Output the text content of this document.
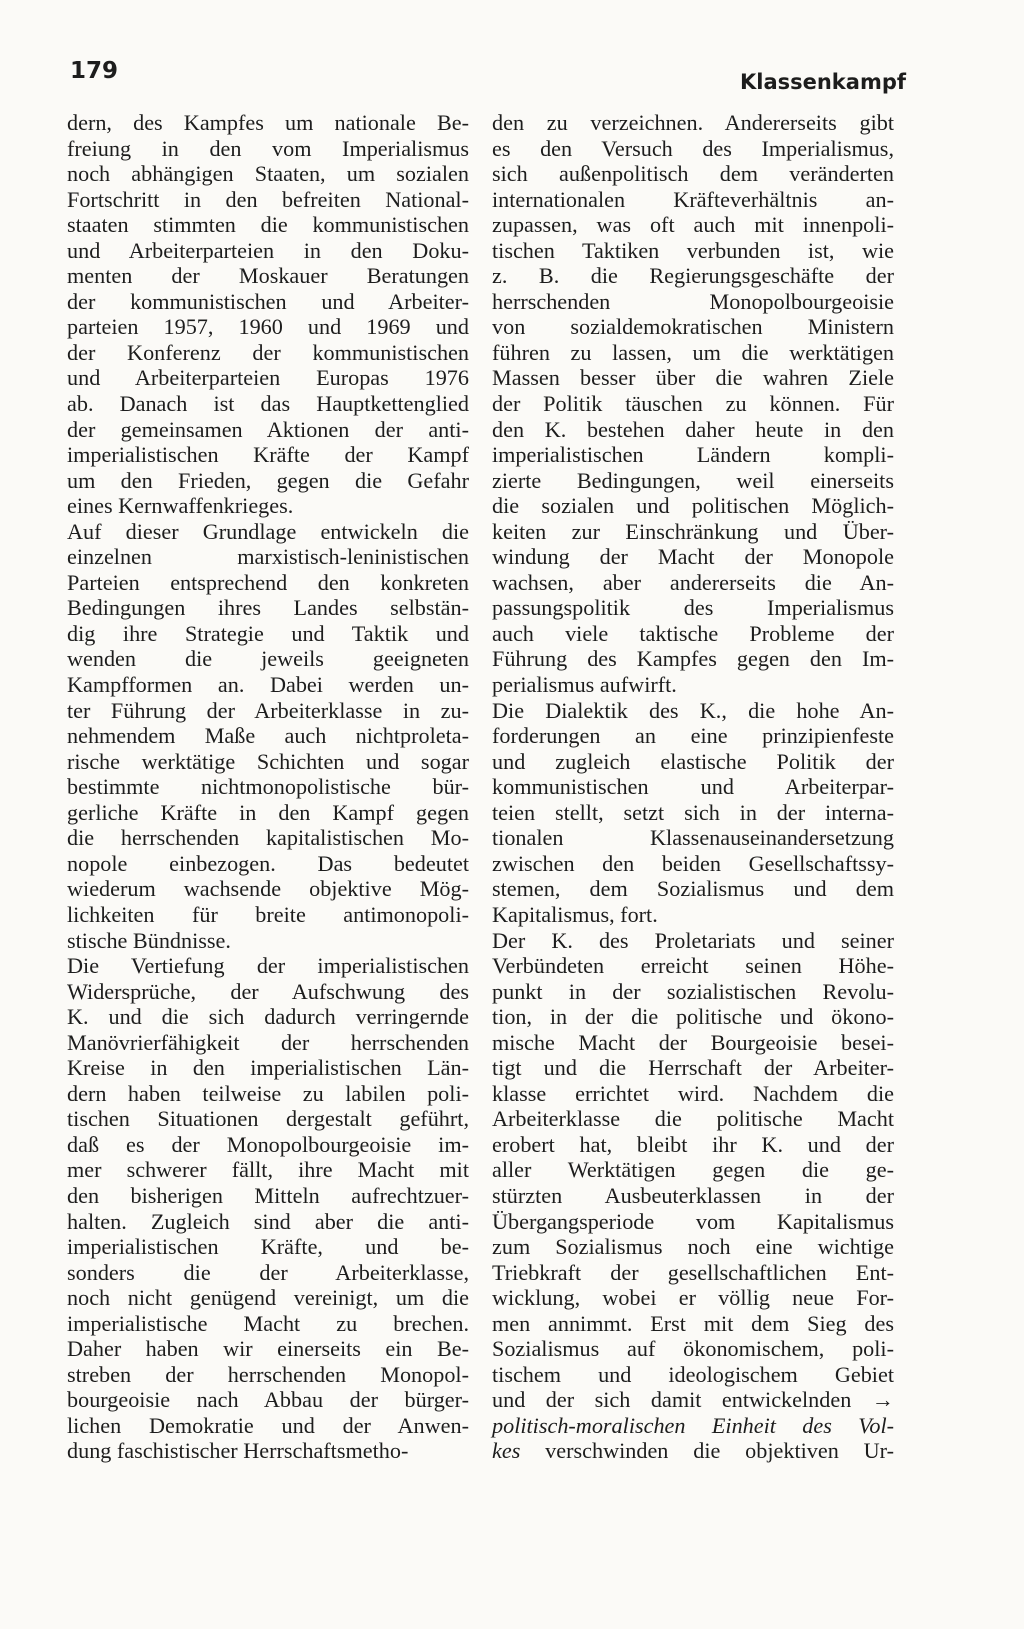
179	Klassenkampf
dern, des Kampfes um nationale Be-
freiung in den vom Imperialismus
noch abhängigen Staaten, um sozialen
Fortschritt in den befreiten National-
staaten stimmten die kommunistischen
und Arbeiterparteien in den Doku-
menten der Moskauer Beratungen
der kommunistischen und Arbeiter-
parteien 1957, 1960 und 1969 und
der Konferenz der kommunistischen
und Arbeiterparteien Europas 1976
ab. Danach ist das Hauptkettenglied
der gemeinsamen Aktionen der anti-
imperialistischen Kräfte der Kampf
um den Frieden, gegen die Gefahr
eines Kernwaffenkrieges.
Auf dieser Grundlage entwickeln die
einzelnen marxistisch-leninistischen
Parteien entsprechend den konkreten
Bedingungen ihres Landes selbstän-
dig ihre Strategie und Taktik und
wenden die jeweils geeigneten
Kampfformen an. Dabei werden un-
ter Führung der Arbeiterklasse in zu-
nehmendem Maße auch nichtproleta-
rische werktätige Schichten und sogar
bestimmte nichtmonopolistische bür-
gerliche Kräfte in den Kampf gegen
die herrschenden kapitalistischen Mo-
nopole einbezogen. Das bedeutet
wiederum wachsende objektive Mög-
lichkeiten für breite antimonopoli-
stische Bündnisse.
Die Vertiefung der imperialistischen
Widersprüche, der Aufschwung des
K. und die sich dadurch verringernde
Manövrierfähigkeit der herrschenden
Kreise in den imperialistischen Län-
dern haben teilweise zu labilen poli-
tischen Situationen dergestalt geführt,
daß es der Monopolbourgeoisie im-
mer schwerer fällt, ihre Macht mit
den bisherigen Mitteln aufrechtzuer-
halten. Zugleich sind aber die anti-
imperialistischen Kräfte, und be-
sonders die der Arbeiterklasse,
noch nicht genügend vereinigt, um die
imperialistische Macht zu brechen.
Daher haben wir einerseits ein Be-
streben der herrschenden Monopol-
bourgeoisie nach Abbau der bürger-
lichen Demokratie und der Anwen-
dung faschistischer Herrschaftsmetho-
den zu verzeichnen. Andererseits gibt
es den Versuch des Imperialismus,
sich außenpolitisch dem veränderten
internationalen Kräfteverhältnis an-
zupassen, was oft auch mit innenpoli-
tischen Taktiken verbunden ist, wie
z. B. die Regierungsgeschäfte der
herrschenden Monopolbourgeoisie
von sozialdemokratischen Ministern
führen zu lassen, um die werktätigen
Massen besser über die wahren Ziele
der Politik täuschen zu können. Für
den K. bestehen daher heute in den
imperialistischen Ländern kompli-
zierte Bedingungen, weil einerseits
die sozialen und politischen Möglich-
keiten zur Einschränkung und Über-
windung der Macht der Monopole
wachsen, aber andererseits die An-
passungspolitik des Imperialismus
auch viele taktische Probleme der
Führung des Kampfes gegen den Im-
perialismus aufwirft.
Die Dialektik des K., die hohe An-
forderungen an eine prinzipienfeste
und zugleich elastische Politik der
kommunistischen und Arbeiterpar-
teien stellt, setzt sich in der interna-
tionalen Klassenauseinandersetzung
zwischen den beiden Gesellschaftssy-
stemen, dem Sozialismus und dem
Kapitalismus, fort.
Der K. des Proletariats und seiner
Verbündeten erreicht seinen Höhe-
punkt in der sozialistischen Revolu-
tion, in der die politische und ökono-
mische Macht der Bourgeoisie besei-
tigt und die Herrschaft der Arbeiter-
klasse errichtet wird. Nachdem die
Arbeiterklasse die politische Macht
erobert hat, bleibt ihr K. und der
aller Werktätigen gegen die ge-
stürzten Ausbeuterklassen in der
Übergangsperiode vom Kapitalismus
zum Sozialismus noch eine wichtige
Triebkraft der gesellschaftlichen Ent-
wicklung, wobei er völlig neue For-
men annimmt. Erst mit dem Sieg des
Sozialismus auf ökonomischem, poli-
tischem und ideologischem Gebiet
und der sich damit entwickelnden →
politisch-moralischen Einheit des Vol-
kes verschwinden die objektiven Ur-
